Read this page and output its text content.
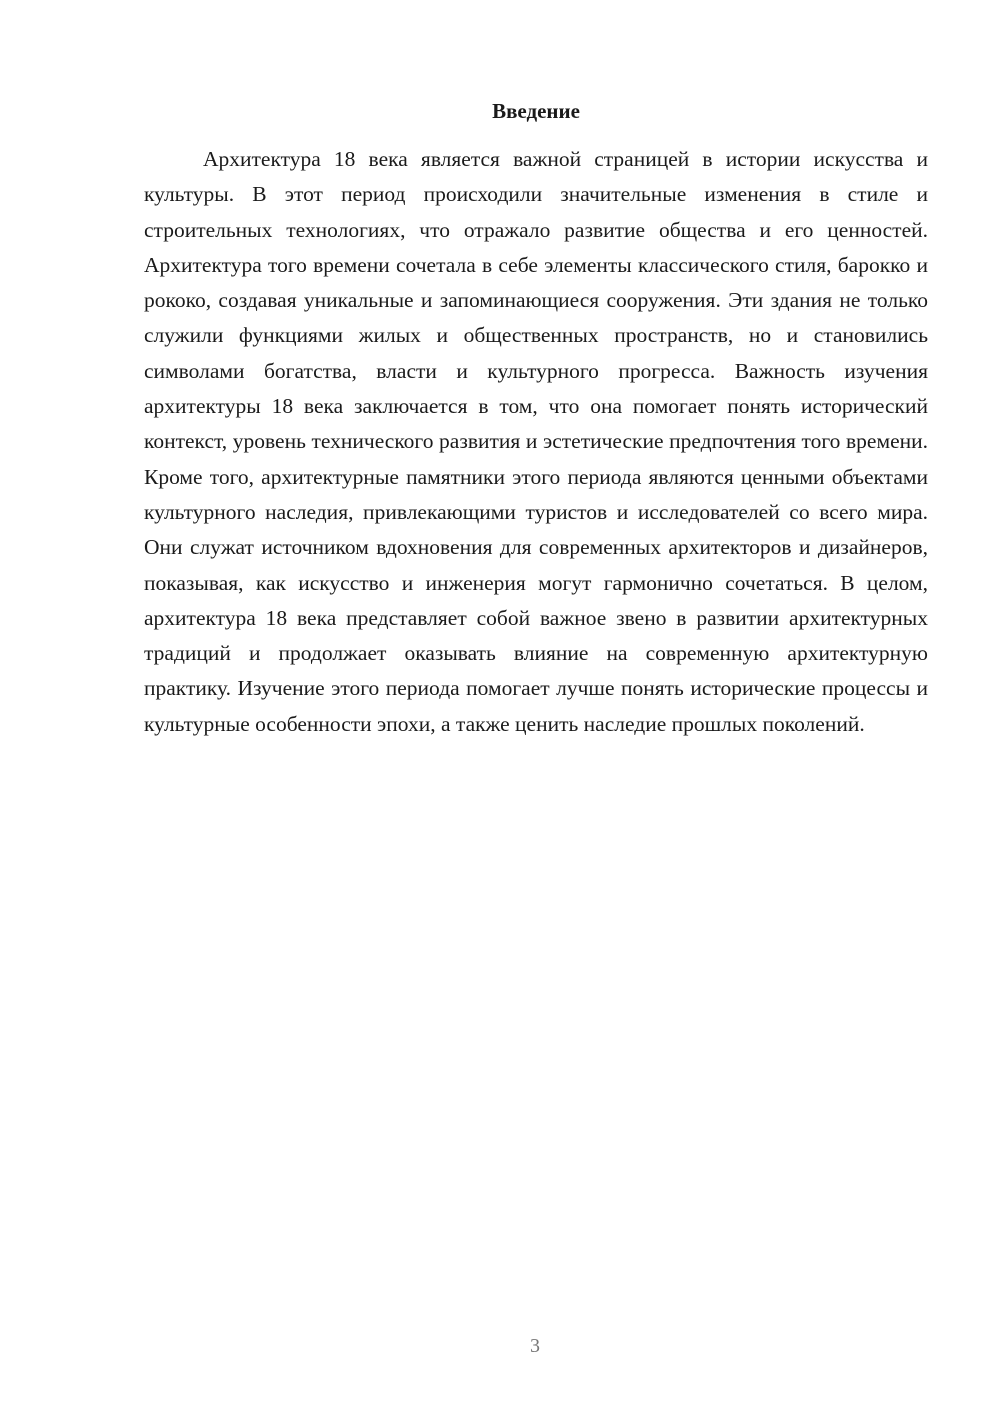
Введение

Архитектура 18 века является важной страницей в истории искусства и культуры. В этот период происходили значительные изменения в стиле и строительных технологиях, что отражало развитие общества и его ценностей. Архитектура того времени сочетала в себе элементы классического стиля, барокко и рококо, создавая уникальные и запоминающиеся сооружения. Эти здания не только служили функциями жилых и общественных пространств, но и становились символами богатства, власти и культурного прогресса. Важность изучения архитектуры 18 века заключается в том, что она помогает понять исторический контекст, уровень технического развития и эстетические предпочтения того времени. Кроме того, архитектурные памятники этого периода являются ценными объектами культурного наследия, привлекающими туристов и исследователей со всего мира. Они служат источником вдохновения для современных архитекторов и дизайнеров, показывая, как искусство и инженерия могут гармонично сочетаться. В целом, архитектура 18 века представляет собой важное звено в развитии архитектурных традиций и продолжает оказывать влияние на современную архитектурную практику. Изучение этого периода помогает лучше понять исторические процессы и культурные особенности эпохи, а также ценить наследие прошлых поколений.

3
